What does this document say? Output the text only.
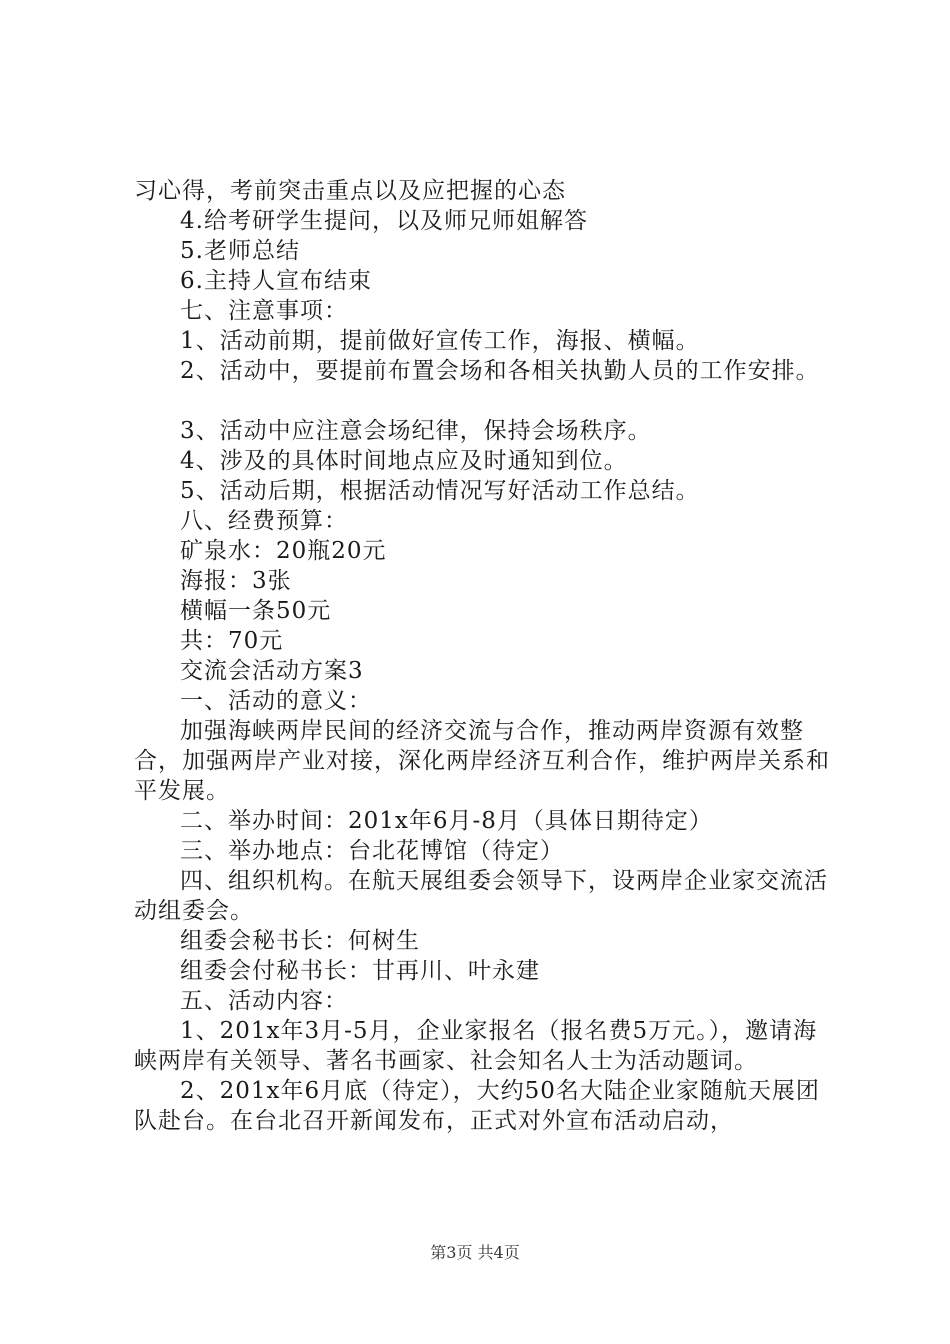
习心得，考前突击重点以及应把握的心态
4.给考研学生提问，以及师兄师姐解答
5.老师总结
6.主持人宣布结束
七、注意事项：
1、活动前期，提前做好宣传工作，海报、横幅。
2、活动中，要提前布置会场和各相关执勤人员的工作安排。
3、活动中应注意会场纪律，保持会场秩序。
4、涉及的具体时间地点应及时通知到位。
5、活动后期，根据活动情况写好活动工作总结。
八、经费预算：
矿泉水：20瓶20元
海报：3张
横幅一条50元
共：70元
交流会活动方案3
一、活动的意义：
加强海峡两岸民间的经济交流与合作，推动两岸资源有效整合，加强两岸产业对接，深化两岸经济互利合作，维护两岸关系和平发展。
二、举办时间：201x年6月-8月（具体日期待定）
三、举办地点：台北花博馆（待定）
四、组织机构。在航天展组委会领导下，设两岸企业家交流活动组委会。
组委会秘书长：何树生
组委会付秘书长：甘再川、叶永建
五、活动内容：
1、201x年3月-5月，企业家报名（报名费5万元。），邀请海峡两岸有关领导、著名书画家、社会知名人士为活动题词。
2、201x年6月底（待定），大约50名大陆企业家随航天展团队赴台。在台北召开新闻发布，正式对外宣布活动启动，
第3页 共4页
